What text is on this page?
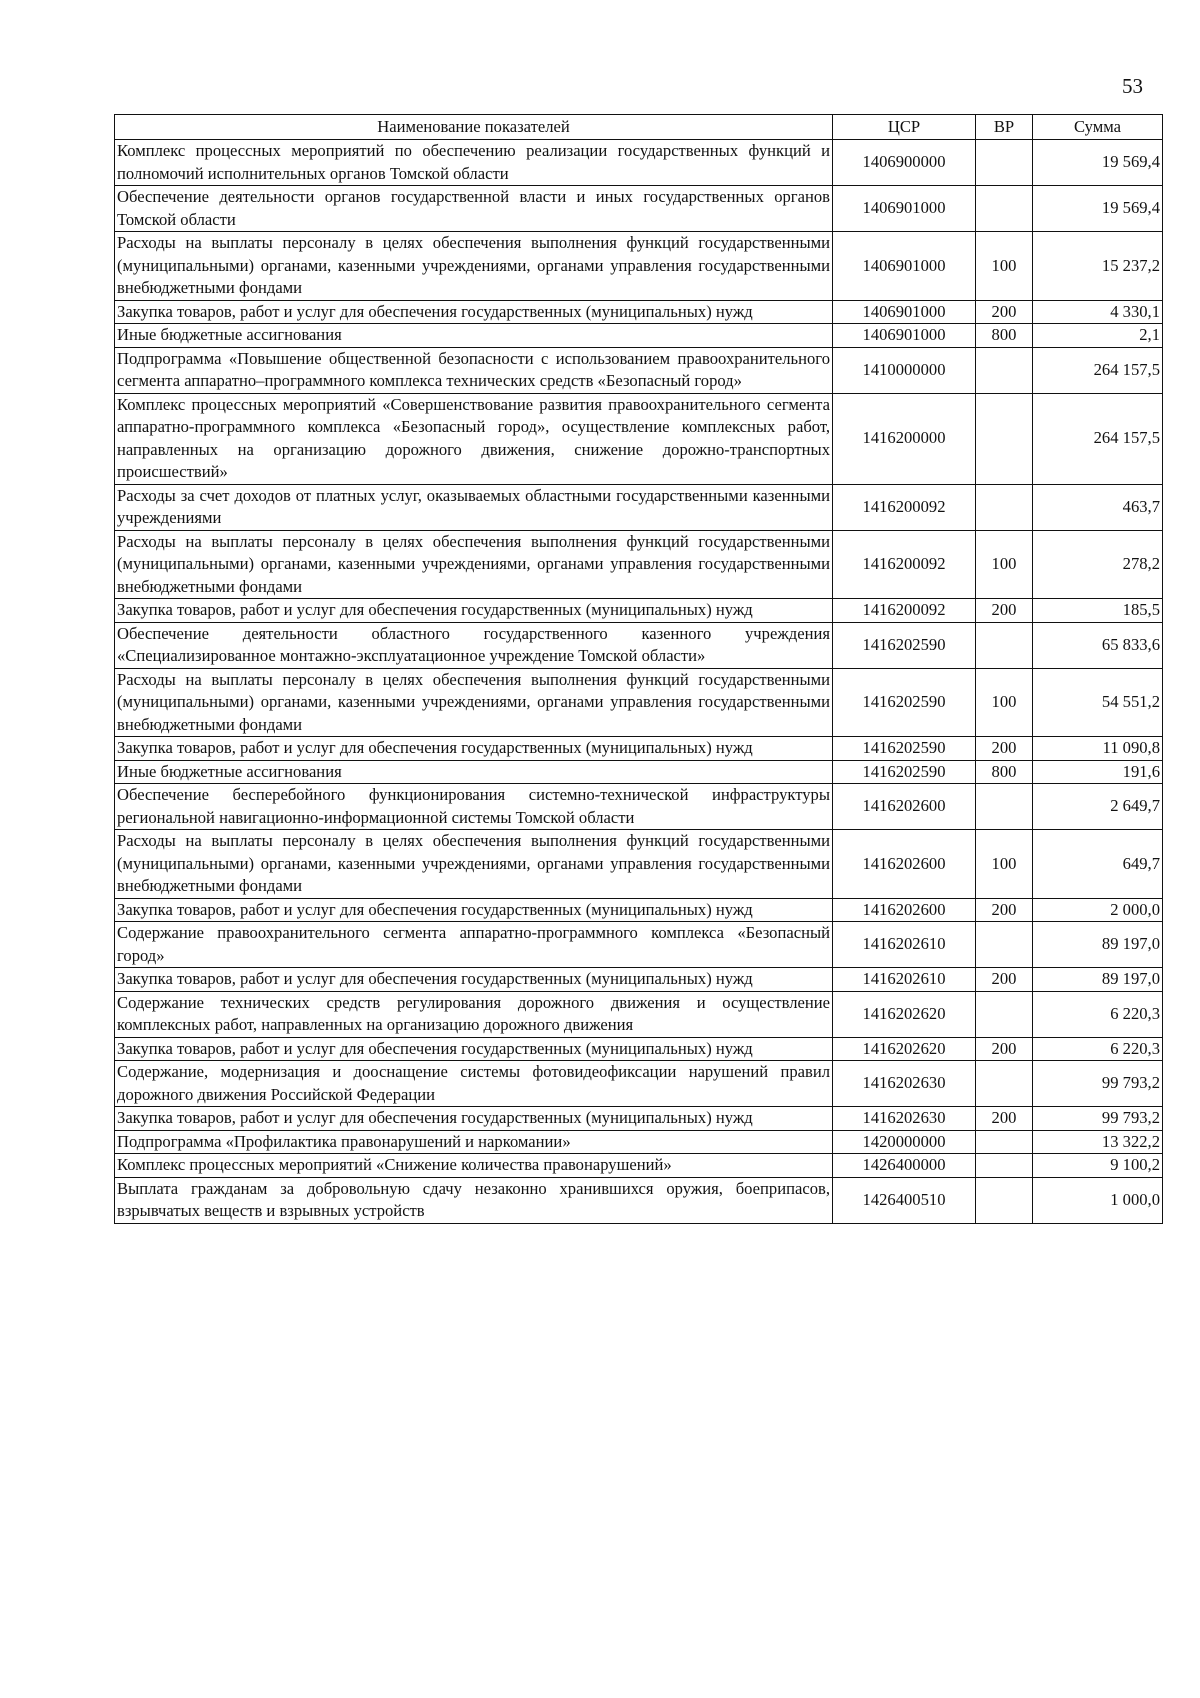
53
Наименование показателей	ЦСР	ВР	Сумма
Комплекс процессных мероприятий по обеспечению реализации государственных функций и полномочий исполнительных органов Томской области	1406900000		19 569,4
Обеспечение деятельности органов государственной власти и иных государственных органов Томской области	1406901000		19 569,4
Расходы на выплаты персоналу в целях обеспечения выполнения функций государственными (муниципальными) органами, казенными учреждениями, органами управления государственными внебюджетными фондами	1406901000	100	15 237,2
Закупка товаров, работ и услуг для обеспечения государственных (муниципальных) нужд	1406901000	200	4 330,1
Иные бюджетные ассигнования	1406901000	800	2,1
Подпрограмма «Повышение общественной безопасности с использованием правоохранительного сегмента аппаратно–программного комплекса технических средств «Безопасный город»	1410000000		264 157,5
Комплекс процессных мероприятий «Совершенствование развития правоохранительного сегмента аппаратно-программного комплекса «Безопасный город», осуществление комплексных работ, направленных на организацию дорожного движения, снижение дорожно-транспортных происшествий»	1416200000		264 157,5
Расходы за счет доходов от платных услуг, оказываемых областными государственными казенными учреждениями	1416200092		463,7
Расходы на выплаты персоналу в целях обеспечения выполнения функций государственными (муниципальными) органами, казенными учреждениями, органами управления государственными внебюджетными фондами	1416200092	100	278,2
Закупка товаров, работ и услуг для обеспечения государственных (муниципальных) нужд	1416200092	200	185,5
Обеспечение деятельности областного государственного казенного учреждения «Специализированное монтажно-эксплуатационное учреждение Томской области»	1416202590		65 833,6
Расходы на выплаты персоналу в целях обеспечения выполнения функций государственными (муниципальными) органами, казенными учреждениями, органами управления государственными внебюджетными фондами	1416202590	100	54 551,2
Закупка товаров, работ и услуг для обеспечения государственных (муниципальных) нужд	1416202590	200	11 090,8
Иные бюджетные ассигнования	1416202590	800	191,6
Обеспечение бесперебойного функционирования системно-технической инфраструктуры региональной навигационно-информационной системы Томской области	1416202600		2 649,7
Расходы на выплаты персоналу в целях обеспечения выполнения функций государственными (муниципальными) органами, казенными учреждениями, органами управления государственными внебюджетными фондами	1416202600	100	649,7
Закупка товаров, работ и услуг для обеспечения государственных (муниципальных) нужд	1416202600	200	2 000,0
Содержание правоохранительного сегмента аппаратно-программного комплекса «Безопасный город»	1416202610		89 197,0
Закупка товаров, работ и услуг для обеспечения государственных (муниципальных) нужд	1416202610	200	89 197,0
Содержание технических средств регулирования дорожного движения и осуществление комплексных работ, направленных на организацию дорожного движения	1416202620		6 220,3
Закупка товаров, работ и услуг для обеспечения государственных (муниципальных) нужд	1416202620	200	6 220,3
Содержание, модернизация и дооснащение системы фотовидеофиксации нарушений правил дорожного движения Российской Федерации	1416202630		99 793,2
Закупка товаров, работ и услуг для обеспечения государственных (муниципальных) нужд	1416202630	200	99 793,2
Подпрограмма «Профилактика правонарушений и наркомании»	1420000000		13 322,2
Комплекс процессных мероприятий «Снижение количества правонарушений»	1426400000		9 100,2
Выплата гражданам за добровольную сдачу незаконно хранившихся оружия, боеприпасов, взрывчатых веществ и взрывных устройств	1426400510		1 000,0
